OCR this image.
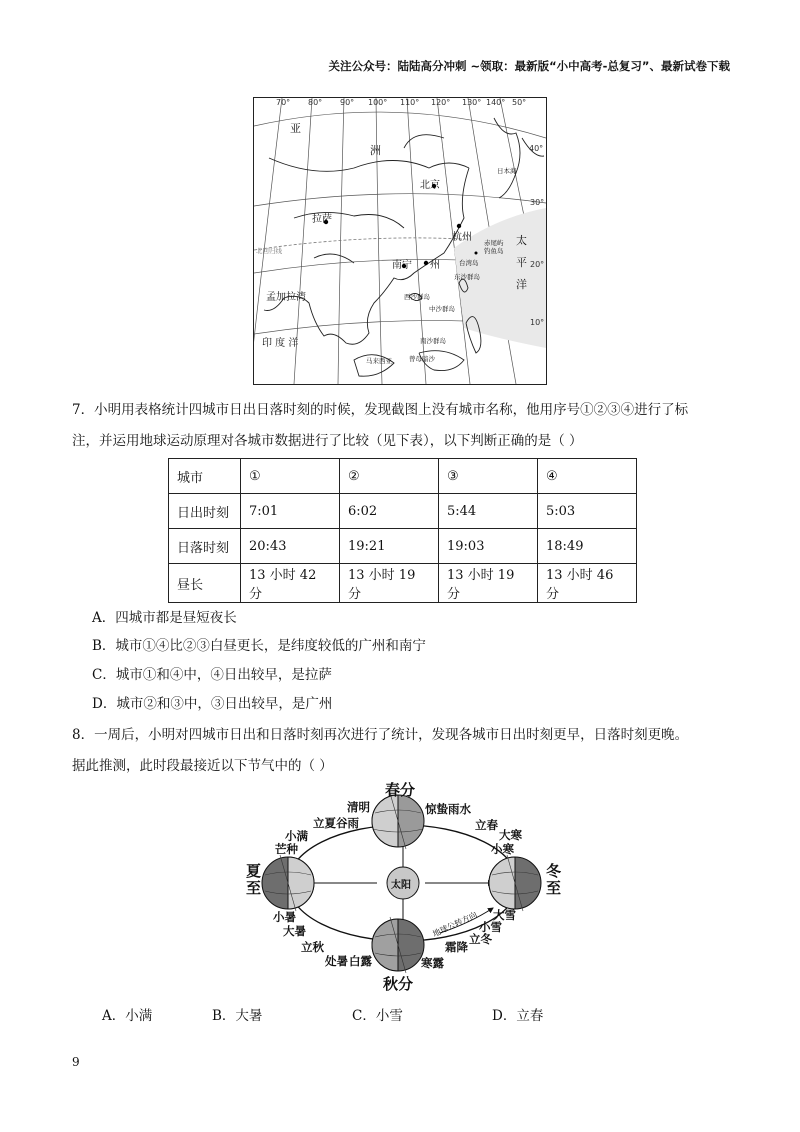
关注公众号：陆陆高分冲刺 ~领取：最新版“小中高考-总复习”、最新试卷下载
70° 80° 90° 100° 110° 120° 130° 140° 50°
40°
30°
20°
10°
亚
洲
北京
拉萨
杭州
南宁 州
北回归线
孟加拉湾
印 度 洋
日本海
太
平
洋
东沙群岛
西沙群岛
中沙群岛
南沙群岛
赤尾屿
钓鱼岛
台湾岛
曾母暗沙
马来西亚
7．小明用表格统计四城市日出日落时刻的时候，发现截图上没有城市名称，他用序号①②③④进行了标
注，并运用地球运动原理对各城市数据进行了比较（见下表），以下判断正确的是（ ）
城市	①	②	③	④
日出时刻	7:01	6:02	5:44	5:03
日落时刻	20:43	19:21	19:03	18:49
昼长	13 小时 42 分	13 小时 19 分	13 小时 19 分	13 小时 46 分
A．四城市都是昼短夜长
B．城市①④比②③白昼更长，是纬度较低的广州和南宁
C．城市①和④中，④日出较早，是拉萨
D．城市②和③中，③日出较早，是广州
8．一周后，小明对四城市日出和日落时刻再次进行了统计，发现各城市日出时刻更早，日落时刻更晚。
据此推测，此时段最接近以下节气中的（ ）
春分
秋分
夏至	冬至
太阳
清明
立夏谷雨
小满
芒种
惊蛰雨水
立春
大寒
小寒
小暑
大暑
立秋
处暑 白露	寒露
霜降
立冬
小雪
大雪
地球公转方向
A．小满	B．大暑	C．小雪	D．立春
9
